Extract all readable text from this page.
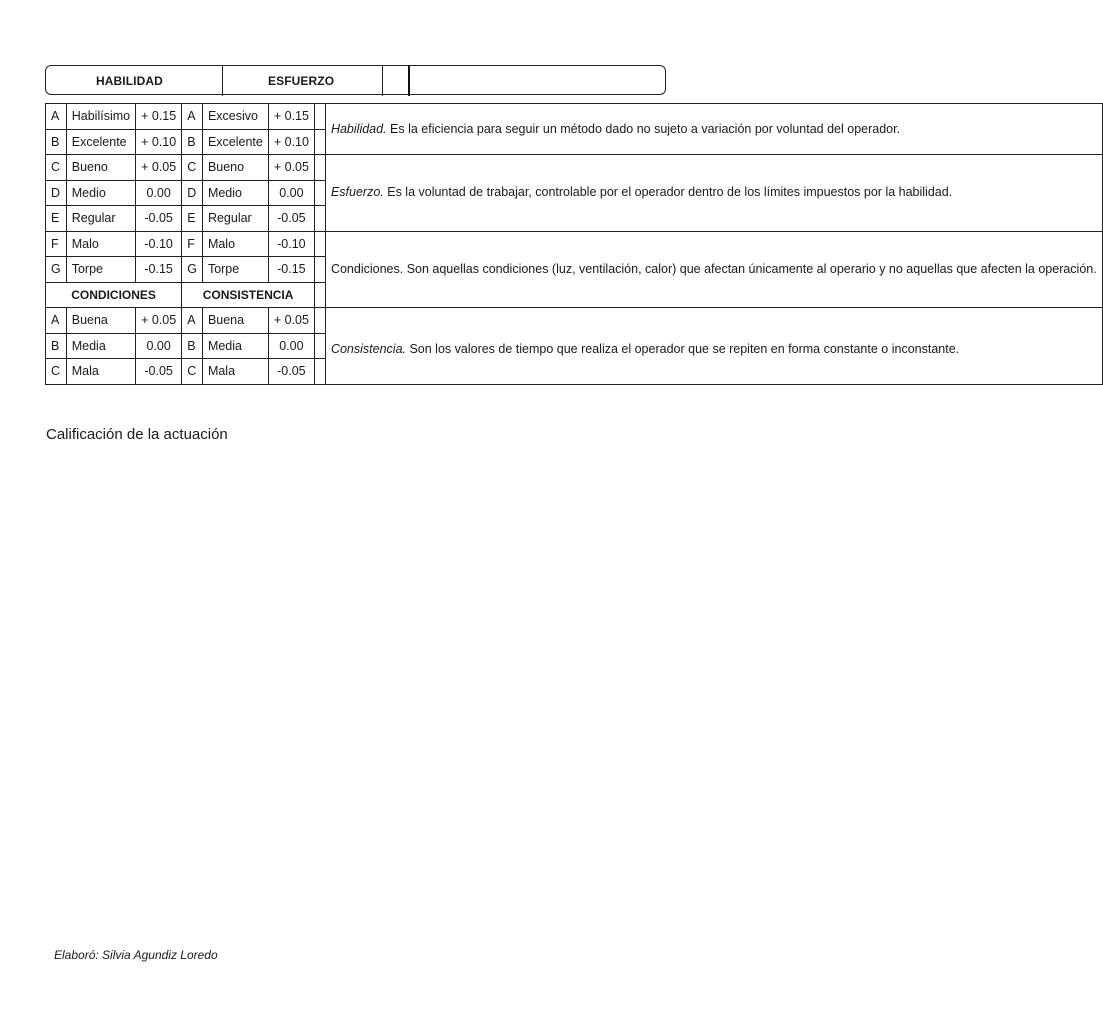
HABILIDAD	ESFUERZO
A	Habilísimo	+ 0.15	A	Excesivo	+ 0.15		Habilidad. Es la eficiencia para seguir un método dado no sujeto a variación por voluntad del operador.
B	Excelente	+ 0.10	B	Excelente	+ 0.10		
C	Bueno	+ 0.05	C	Bueno	+ 0.05		Esfuerzo. Es la voluntad de trabajar, controlable por el operador dentro de los límites impuestos por la habilidad.
D	Medio	0.00	D	Medio	0.00		
E	Regular	-0.05	E	Regular	-0.05		
F	Malo	-0.10	F	Malo	-0.10		Condiciones. Son aquellas condiciones (luz, ventilación, calor) que afectan únicamente al operario y no aquellas que afecten la operación.
G	Torpe	-0.15	G	Torpe	-0.15		
CONDICIONES			CONSISTENCIA				
A	Buena	+ 0.05	A	Buena	+ 0.05		Consistencia. Son los valores de tiempo que realiza el operador que se repiten en forma constante o inconstante.
B	Media	0.00	B	Media	0.00		
C	Mala	-0.05	C	Mala	-0.05		
Calificación de la actuación
Elaboró: Silvia Agundiz Loredo
